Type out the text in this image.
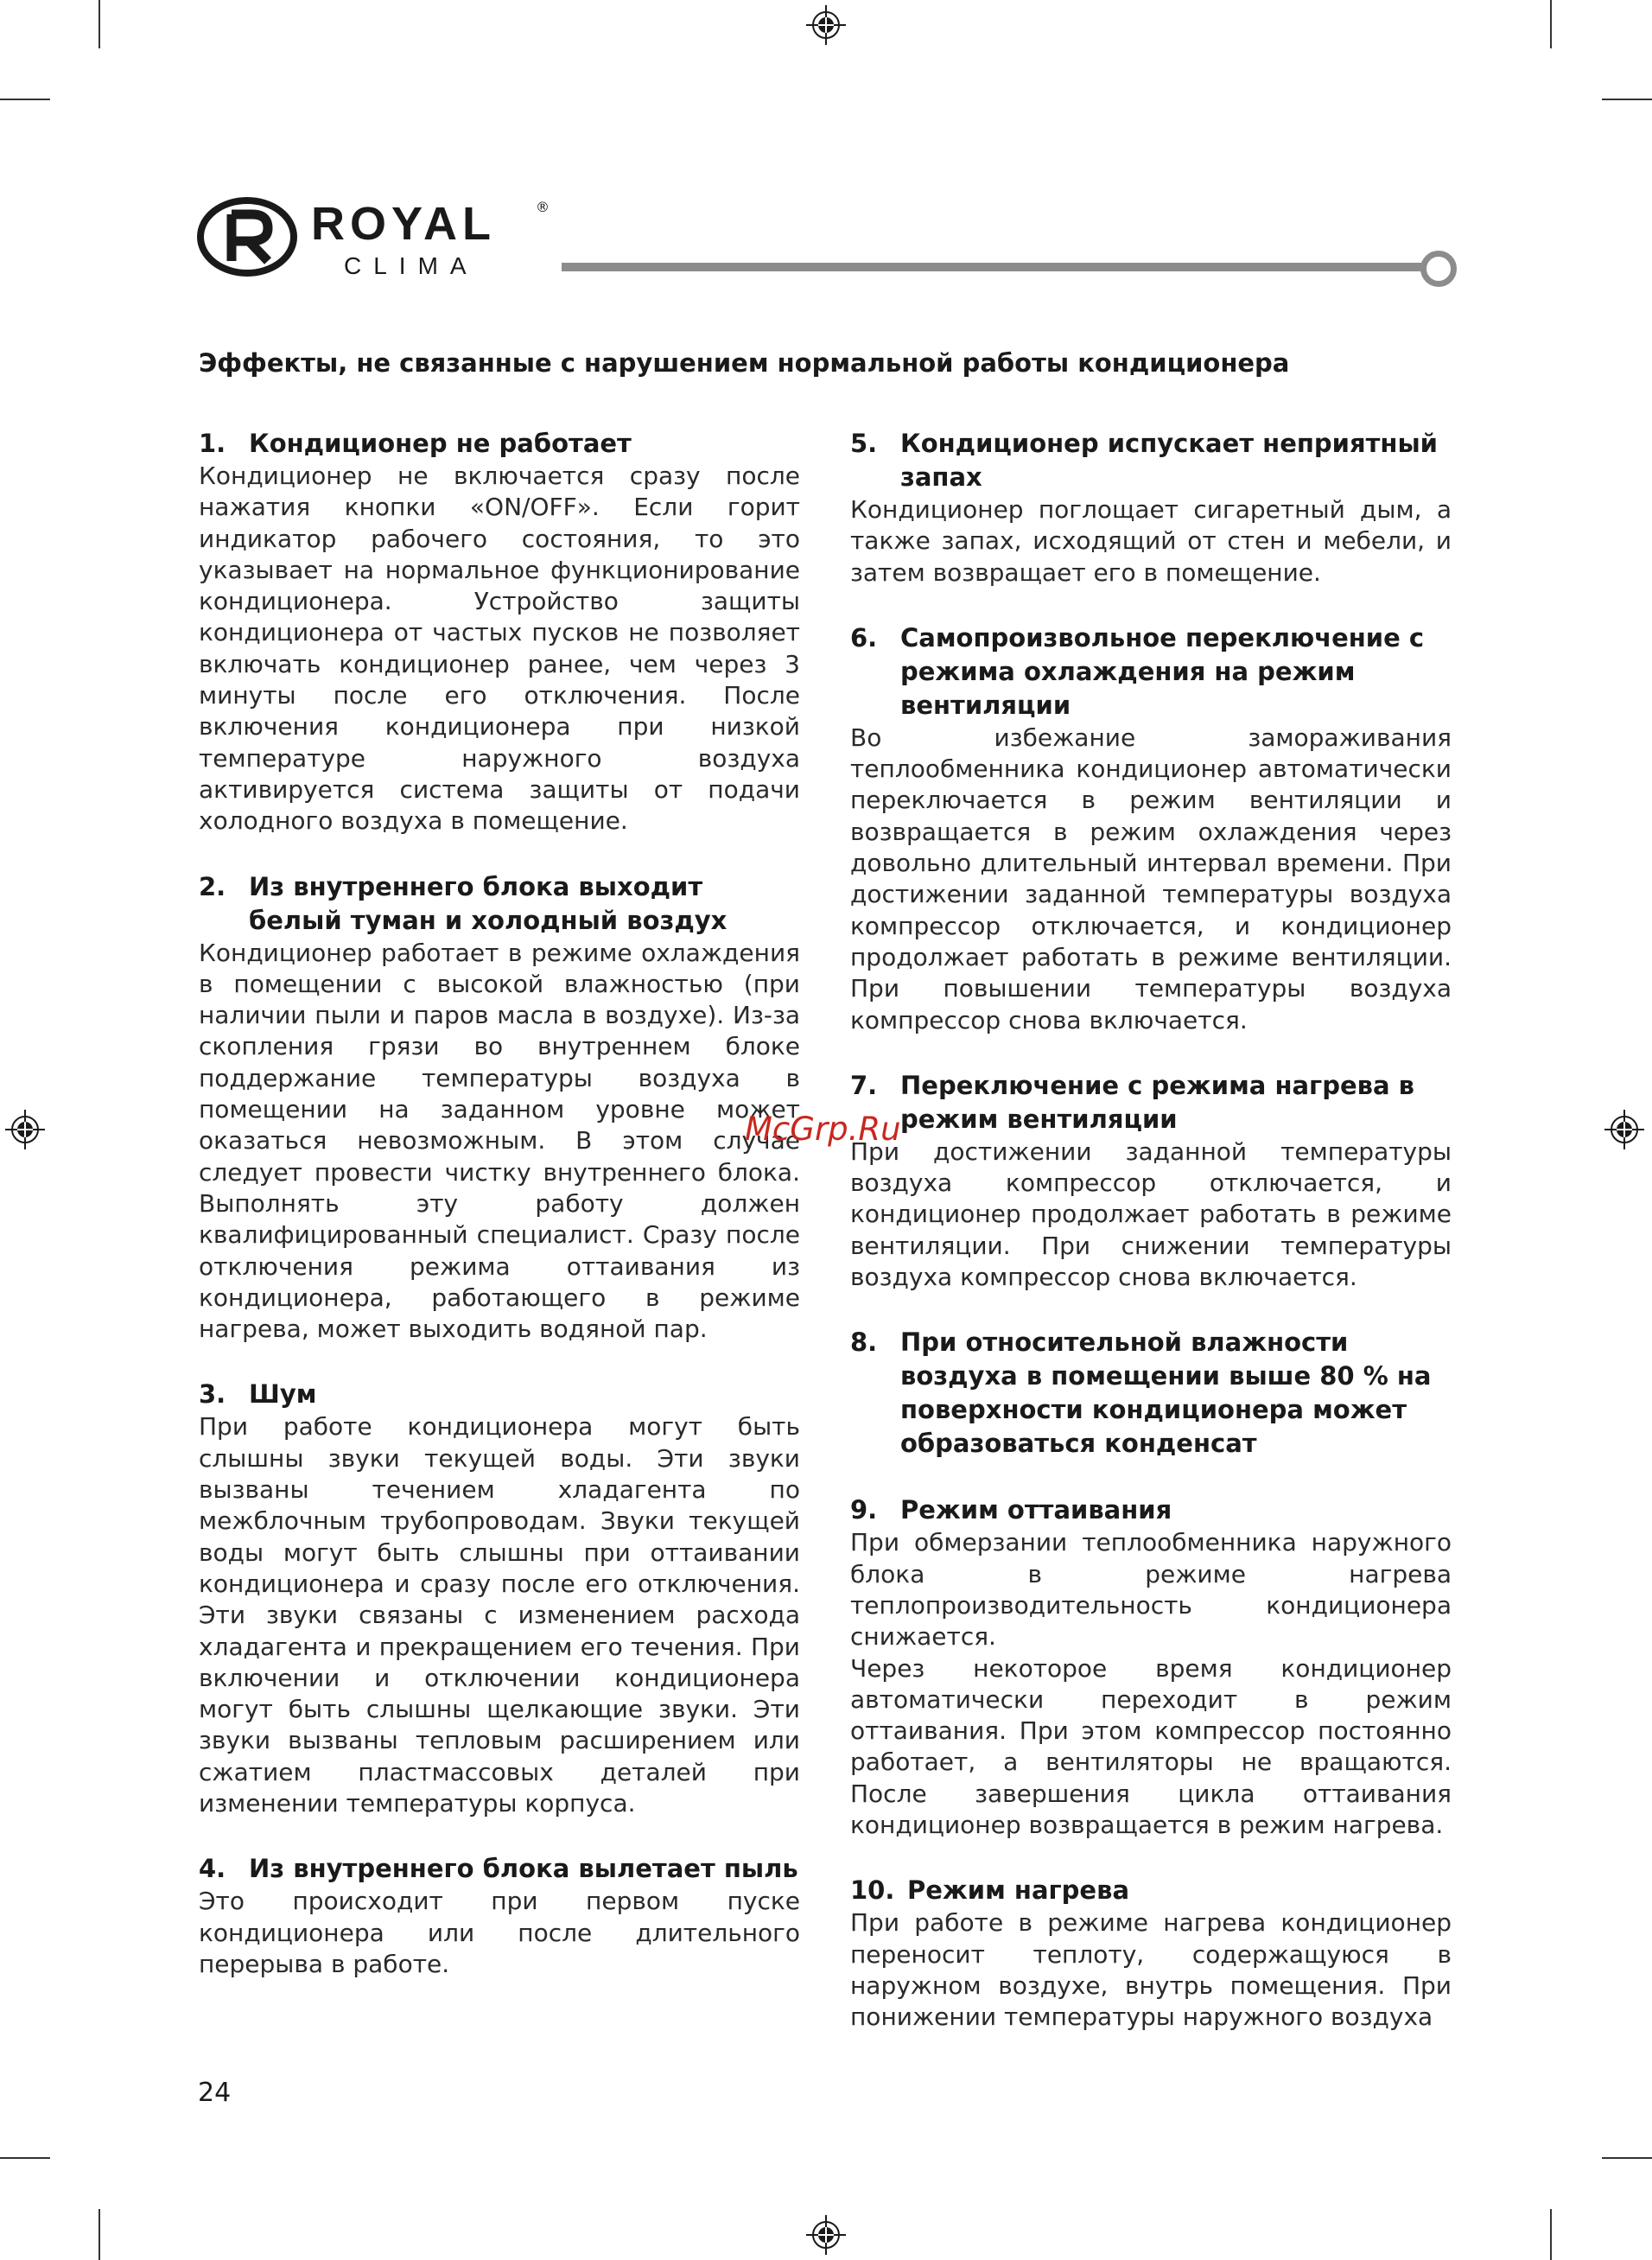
ROYAL	®
CLIMA
Эффекты, не связанные с нарушением нормальной работы кондиционера
1. Кондиционер не работает

Кондиционер не включается сразу после нажатия кнопки «ON/OFF». Если горит индикатор рабочего состояния, то это указывает на нормальное функционирование кондиционера. Устройство защиты кондиционера от частых пусков не позволяет включать кондиционер ранее, чем через 3 минуты после его отключения. После включения кондиционера при низкой температуре наружного воздуха активируется система защиты от подачи холодного воздуха в помещение.

2. Из внутреннего блока выходит белый туман и холодный воздух

Кондиционер работает в режиме охлаждения в помещении с высокой влажностью (при наличии пыли и паров масла в воздухе). Из-за скопления грязи во внутреннем блоке поддержание температуры воздуха в помещении на заданном уровне может оказаться невозможным. В этом случае следует провести чистку внутреннего блока. Выполнять эту работу должен квалифицированный специалист. Сразу после отключения режима оттаивания из кондиционера, работающего в режиме нагрева, может выходить водяной пар.

3. Шум

При работе кондиционера могут быть слышны звуки текущей воды. Эти звуки вызваны течением хладагента по межблочным трубопроводам. Звуки текущей воды могут быть слышны при оттаивании кондиционера и сразу после его отключения. Эти звуки связаны с изменением расхода хладагента и прекращением его течения. При включении и отключении кондиционера могут быть слышны щелкающие звуки. Эти звуки вызваны тепловым расширением или сжатием пластмассовых деталей при изменении температуры корпуса.

4. Из внутреннего блока вылетает пыль

Это происходит при первом пуске кондиционера или после длительного перерыва в работе.

5. Кондиционер испускает неприятный запах

Кондиционер поглощает сигаретный дым, а также запах, исходящий от стен и мебели, и затем возвращает его в помещение.

6. Самопроизвольное переключение с режима охлаждения на режим вентиляции

Во избежание замораживания теплообменника кондиционер автоматически переключается в режим вентиляции и возвращается в режим охлаждения через довольно длительный интервал времени. При достижении заданной температуры воздуха компрессор отключается, и кондиционер продолжает работать в режиме вентиляции. При повышении температуры воздуха компрессор снова включается.

7. Переключение с режима нагрева в режим вентиляции

При достижении заданной температуры воздуха компрессор отключается, и кондиционер продолжает работать в режиме вентиляции. При снижении температуры воздуха компрессор снова включается.

8. При относительной влажности воздуха в помещении выше 80 % на поверхности кондиционера может образоваться конденсат
9. Режим оттаивания

При обмерзании теплообменника наружного блока в режиме нагрева теплопроизводительность кондиционера снижается.

Через некоторое время кондиционер автоматически переходит в режим оттаивания. При этом компрессор постоянно работает, а вентиляторы не вращаются. После завершения цикла оттаивания кондиционер возвращается в режим нагрева.

10. Режим нагрева

При работе в режиме нагрева кондиционер переносит теплоту, содержащуюся в наружном воздухе, внутрь помещения. При понижении температуры наружного воздуха

McGrp.Ru
24
